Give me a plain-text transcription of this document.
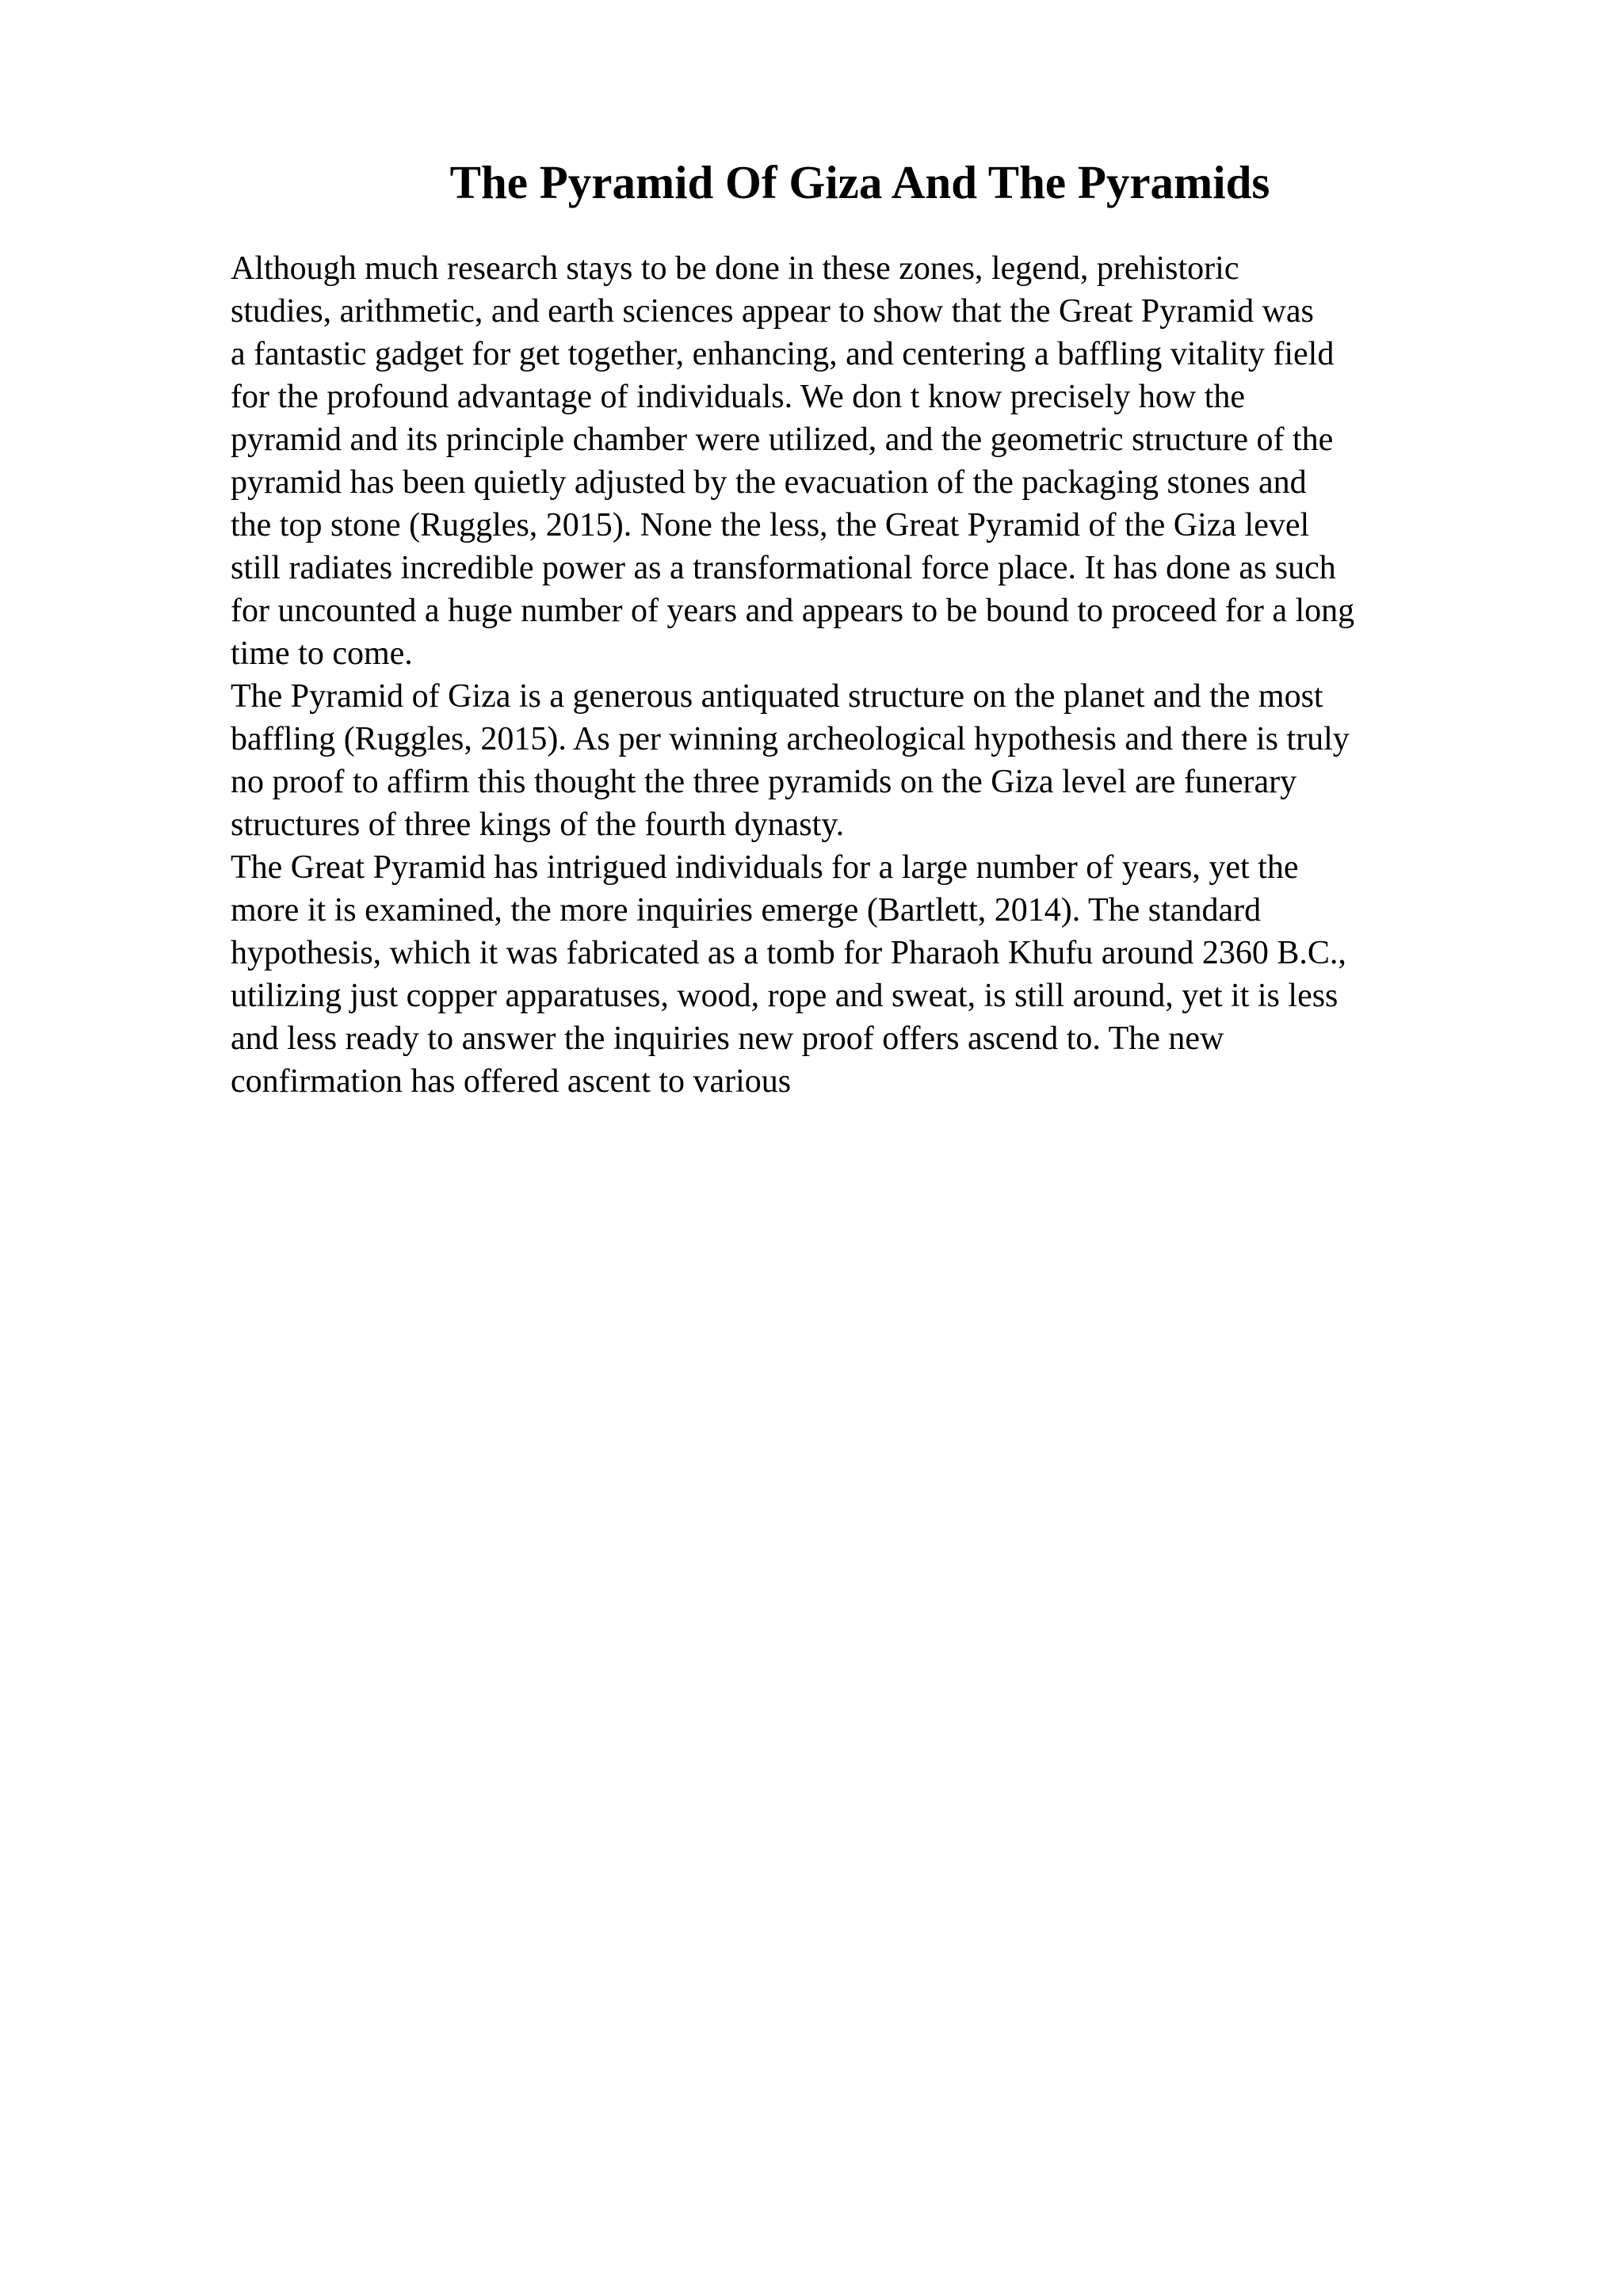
The Pyramid Of Giza And The Pyramids
Although much research stays to be done in these zones, legend, prehistoric
studies, arithmetic, and earth sciences appear to show that the Great Pyramid was
a fantastic gadget for get together, enhancing, and centering a baffling vitality field
for the profound advantage of individuals. We don t know precisely how the
pyramid and its principle chamber were utilized, and the geometric structure of the
pyramid has been quietly adjusted by the evacuation of the packaging stones and
the top stone (Ruggles, 2015). None the less, the Great Pyramid of the Giza level
still radiates incredible power as a transformational force place. It has done as such
for uncounted a huge number of years and appears to be bound to proceed for a long
time to come.
The Pyramid of Giza is a generous antiquated structure on the planet and the most
baffling (Ruggles, 2015). As per winning archeological hypothesis and there is truly
no proof to affirm this thought the three pyramids on the Giza level are funerary
structures of three kings of the fourth dynasty.
The Great Pyramid has intrigued individuals for a large number of years, yet the
more it is examined, the more inquiries emerge (Bartlett, 2014). The standard
hypothesis, which it was fabricated as a tomb for Pharaoh Khufu around 2360 B.C.,
utilizing just copper apparatuses, wood, rope and sweat, is still around, yet it is less
and less ready to answer the inquiries new proof offers ascend to. The new
confirmation has offered ascent to various
